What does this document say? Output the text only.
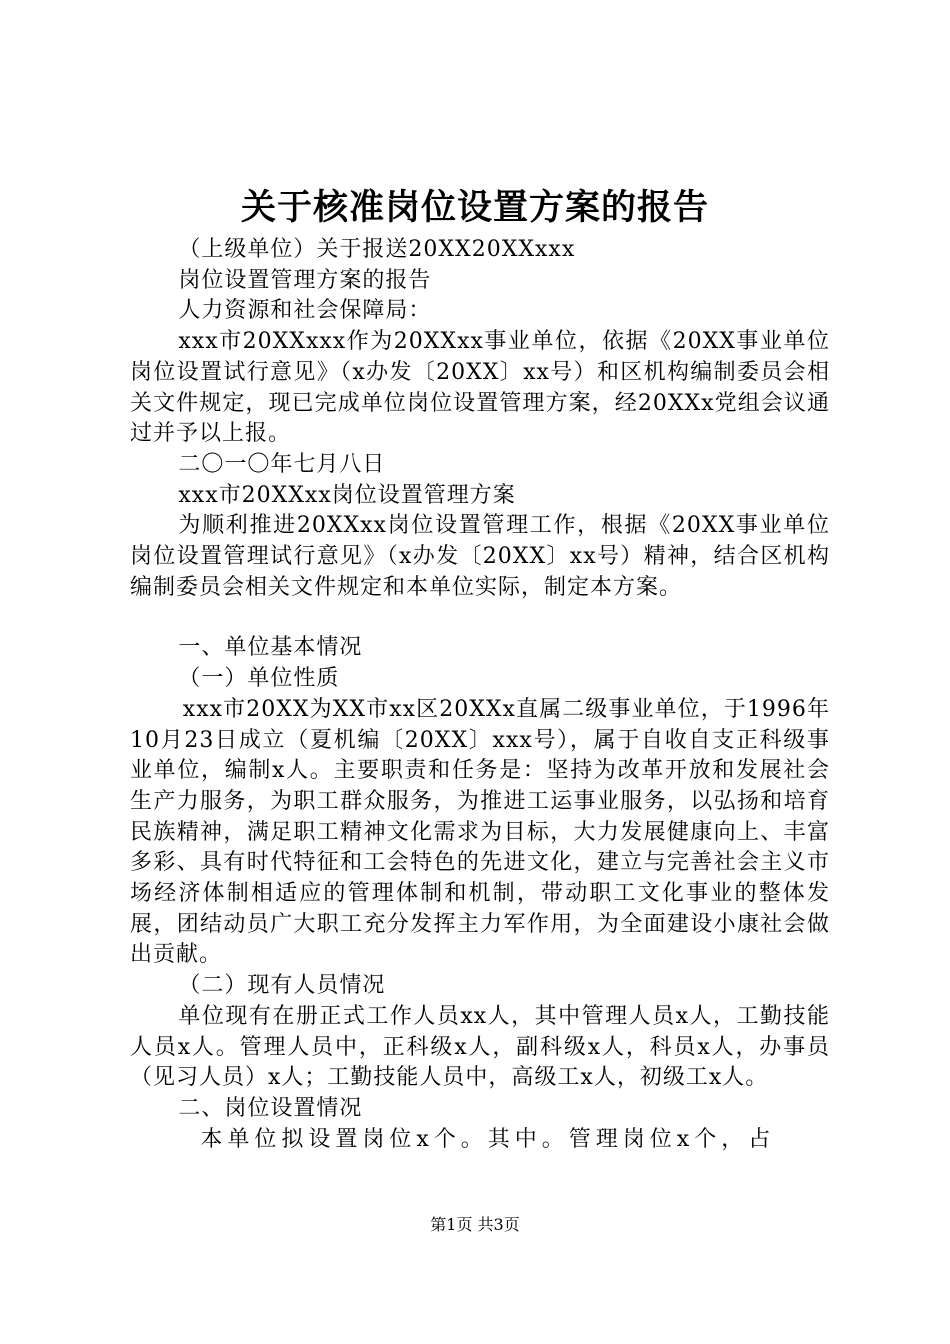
关于核准岗位设置方案的报告

（上级单位）关于报送20XX20XXxxx

岗位设置管理方案的报告

人力资源和社会保障局：

xxx市20XXxxx作为20XXxx事业单位，依据《20XX事业单位岗位设置试行意见》（x办发〔20XX〕xx号）和区机构编制委员会相关文件规定，现已完成单位岗位设置管理方案，经20XXx党组会议通过并予以上报。

二〇一〇年七月八日

xxx市20XXxx岗位设置管理方案

为顺利推进20XXxx岗位设置管理工作，根据《20XX事业单位岗位设置管理试行意见》（x办发〔20XX〕xx号）精神，结合区机构编制委员会相关文件规定和本单位实际，制定本方案。

一、单位基本情况

（一）单位性质

xxx市20XX为XX市xx区20XXx直属二级事业单位，于1996年10月23日成立（夏机编〔20XX〕xxx号），属于自收自支正科级事业单位，编制x人。主要职责和任务是：坚持为改革开放和发展社会生产力服务，为职工群众服务，为推进工运事业服务，以弘扬和培育民族精神，满足职工精神文化需求为目标，大力发展健康向上、丰富多彩、具有时代特征和工会特色的先进文化，建立与完善社会主义市场经济体制相适应的管理体制和机制，带动职工文化事业的整体发展，团结动员广大职工充分发挥主力军作用，为全面建设小康社会做出贡献。

（二）现有人员情况

单位现有在册正式工作人员xx人，其中管理人员x人，工勤技能人员x人。管理人员中，正科级x人，副科级x人，科员x人，办事员（见习人员）x人；工勤技能人员中，高级工x人，初级工x人。

二、岗位设置情况

本单位拟设置岗位x个。其中。管理岗位x个，占

第1页 共3页
